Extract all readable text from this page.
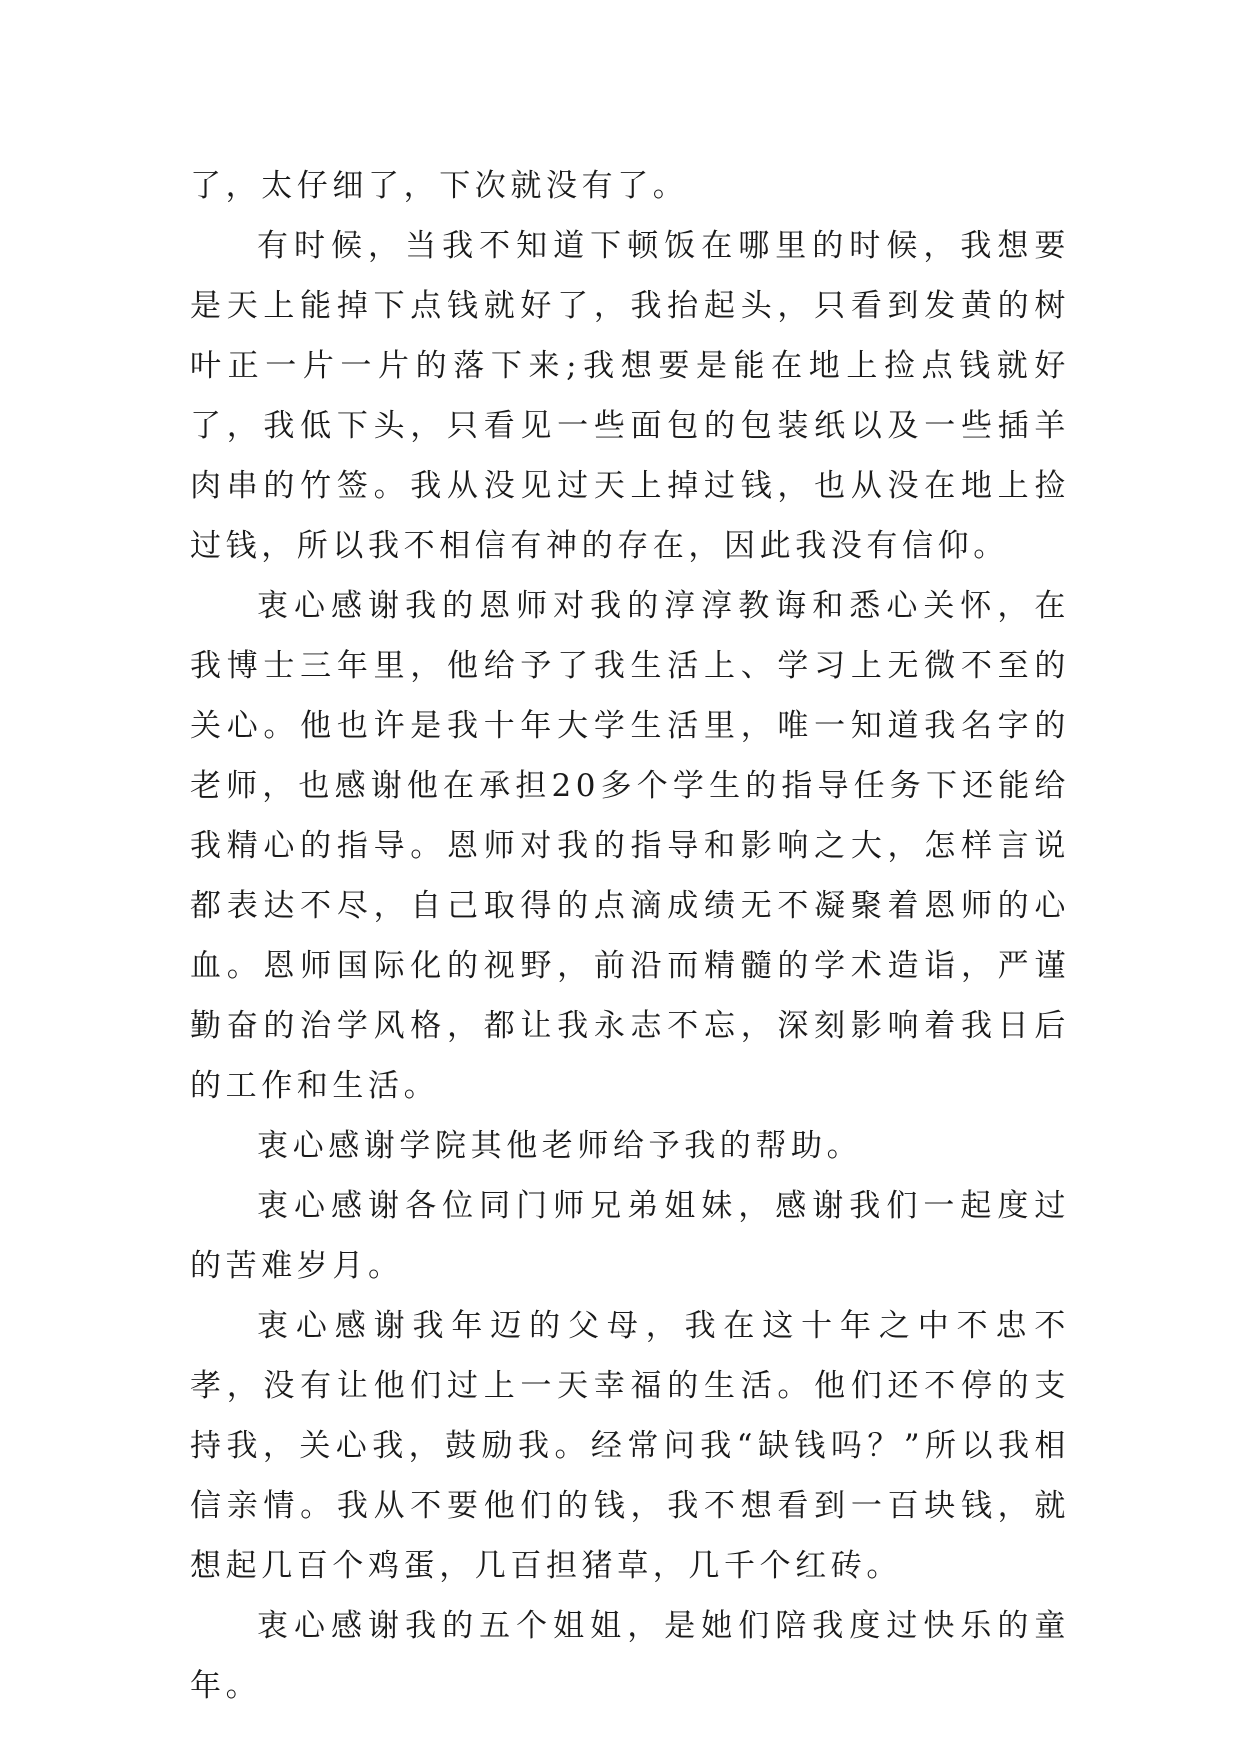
了，太仔细了，下次就没有了。

有时候，当我不知道下顿饭在哪里的时候，我想要是天上能掉下点钱就好了，我抬起头，只看到发黄的树叶正一片一片的落下来;我想要是能在地上捡点钱就好了，我低下头，只看见一些面包的包装纸以及一些插羊肉串的竹签。我从没见过天上掉过钱，也从没在地上捡过钱，所以我不相信有神的存在，因此我没有信仰。

衷心感谢我的恩师对我的淳淳教诲和悉心关怀，在我博士三年里，他给予了我生活上、学习上无微不至的关心。他也许是我十年大学生活里，唯一知道我名字的老师，也感谢他在承担20多个学生的指导任务下还能给我精心的指导。恩师对我的指导和影响之大，怎样言说都表达不尽，自己取得的点滴成绩无不凝聚着恩师的心血。恩师国际化的视野，前沿而精髓的学术造诣，严谨勤奋的治学风格，都让我永志不忘，深刻影响着我日后的工作和生活。

衷心感谢学院其他老师给予我的帮助。

衷心感谢各位同门师兄弟姐妹，感谢我们一起度过的苦难岁月。

衷心感谢我年迈的父母，我在这十年之中不忠不孝，没有让他们过上一天幸福的生活。他们还不停的支持我，关心我，鼓励我。经常问我“缺钱吗？”所以我相信亲情。我从不要他们的钱，我不想看到一百块钱，就想起几百个鸡蛋，几百担猪草，几千个红砖。

衷心感谢我的五个姐姐，是她们陪我度过快乐的童年。
